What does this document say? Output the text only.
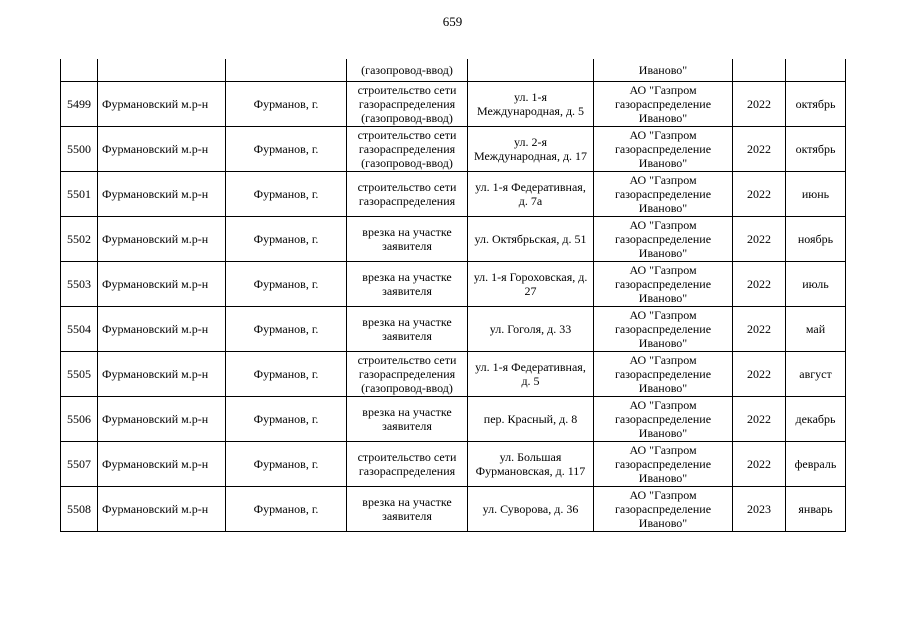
659
			(газопровод-ввод)		Иваново"		
5499	Фурмановский м.р-н	Фурманов, г.	строительство сети газораспределения (газопровод-ввод)	ул. 1-я Международная, д. 5	АО "Газпром газораспределение Иваново"	2022	октябрь
5500	Фурмановский м.р-н	Фурманов, г.	строительство сети газораспределения (газопровод-ввод)	ул. 2-я Международная, д. 17	АО "Газпром газораспределение Иваново"	2022	октябрь
5501	Фурмановский м.р-н	Фурманов, г.	строительство сети газораспределения	ул. 1-я Федеративная, д. 7а	АО "Газпром газораспределение Иваново"	2022	июнь
5502	Фурмановский м.р-н	Фурманов, г.	врезка на участке заявителя	ул. Октябрьская, д. 51	АО "Газпром газораспределение Иваново"	2022	ноябрь
5503	Фурмановский м.р-н	Фурманов, г.	врезка на участке заявителя	ул. 1-я Гороховская, д. 27	АО "Газпром газораспределение Иваново"	2022	июль
5504	Фурмановский м.р-н	Фурманов, г.	врезка на участке заявителя	ул. Гоголя, д. 33	АО "Газпром газораспределение Иваново"	2022	май
5505	Фурмановский м.р-н	Фурманов, г.	строительство сети газораспределения (газопровод-ввод)	ул. 1-я Федеративная, д. 5	АО "Газпром газораспределение Иваново"	2022	август
5506	Фурмановский м.р-н	Фурманов, г.	врезка на участке заявителя	пер. Красный, д. 8	АО "Газпром газораспределение Иваново"	2022	декабрь
5507	Фурмановский м.р-н	Фурманов, г.	строительство сети газораспределения	ул. Большая Фурмановская, д. 117	АО "Газпром газораспределение Иваново"	2022	февраль
5508	Фурмановский м.р-н	Фурманов, г.	врезка на участке заявителя	ул. Суворова, д. 36	АО "Газпром газораспределение Иваново"	2023	январь
